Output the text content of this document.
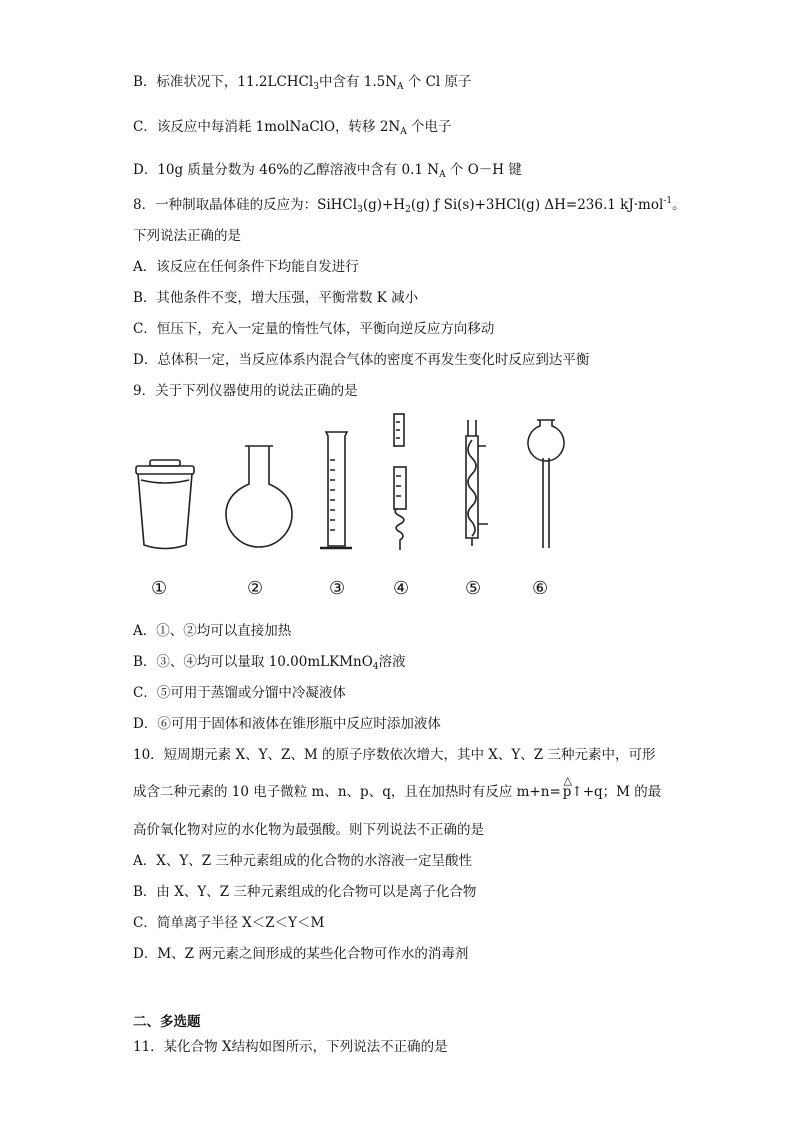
B．标准状况下，11.2LCHCl$_3$中含有 $1.5N_A$ 个 Cl 原子
C．该反应中每消耗 1molNaClO，转移 $2N_A$ 个电子
D．10g 质量分数为 46%的乙醇溶液中含有 0.1 $N_A$ 个 O－H 键
8．一种制取晶体硅的反应为：$SiHCl_3(g)+H_2(g)$ ƒ Si(s)+3HCl(g) ΔH=236.1 kJ·mol$^{-1}$。
下列说法正确的是
A．该反应在任何条件下均能自发进行
B．其他条件不变，增大压强，平衡常数 K 减小
C．恒压下，充入一定量的惰性气体，平衡向逆反应方向移动
D．总体积一定，当反应体系内混合气体的密度不再发生变化时反应到达平衡
9．关于下列仪器使用的说法正确的是
①	②	③	④	⑤	⑥
A．①、②均可以直接加热
B．③、④均可以量取 10.00mLKMnO$_4$溶液
C．⑤可用于蒸馏或分馏中冷凝液体
D．⑥可用于固体和液体在锥形瓶中反应时添加液体
10．短周期元素 X、Y、Z、M 的原子序数依次增大，其中 X、Y、Z 三种元素中，可形
成含二种元素的 10 电子微粒 m、n、p、q，且在加热时有反应 m+n
△
=p↑+q；M 的最
高价氧化物对应的水化物为最强酸。则下列说法不正确的是
A．X、Y、Z 三种元素组成的化合物的水溶液一定呈酸性
B．由 X、Y、Z 三种元素组成的化合物可以是离子化合物
C．简单离子半径 X＜Z＜Y＜M
D．M、Z 两元素之间形成的某些化合物可作水的消毒剂
二、多选题
11．某化合物 X结构如图所示，下列说法不正确的是
